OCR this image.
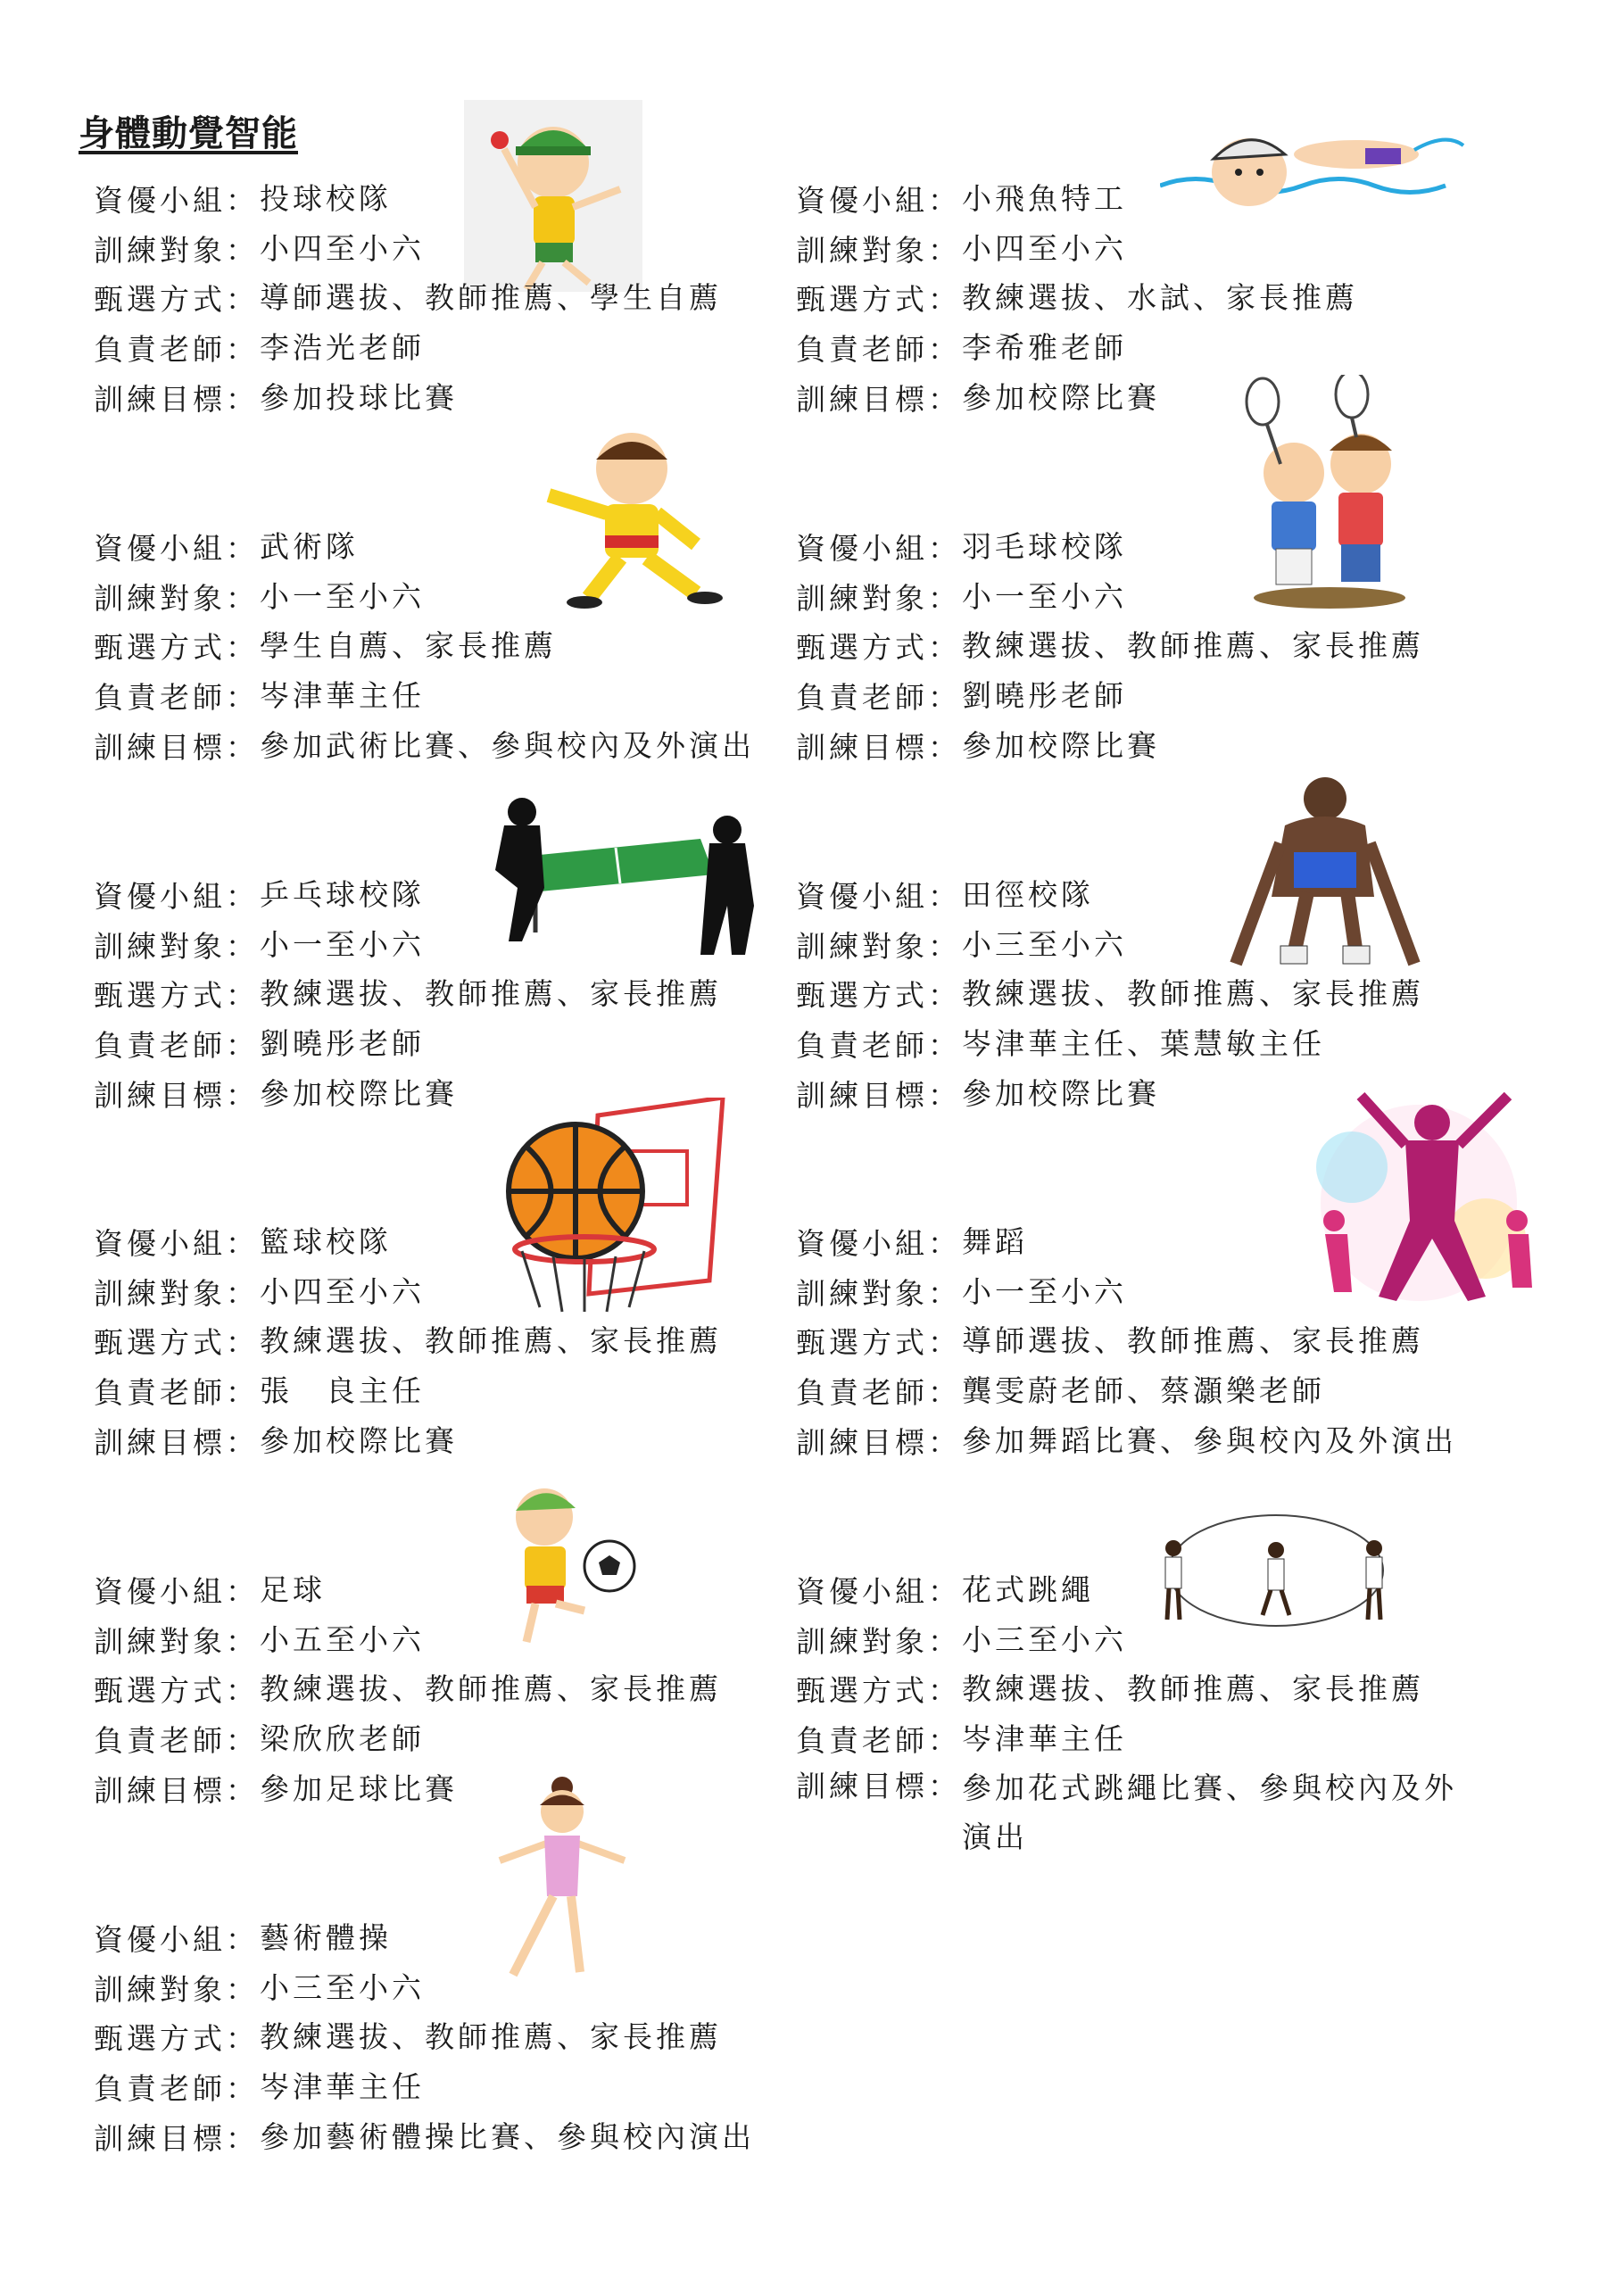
身體動覺智能
資優小組： 投球校隊
訓練對象： 小四至小六
甄選方式： 導師選拔、教師推薦、學生自薦
負責老師： 李浩光老師
訓練目標： 參加投球比賽
資優小組： 小飛魚特工
訓練對象： 小四至小六
甄選方式： 教練選拔、水試、家長推薦
負責老師： 李希雅老師
訓練目標： 參加校際比賽
資優小組： 武術隊
訓練對象： 小一至小六
甄選方式： 學生自薦、家長推薦
負責老師： 岑津華主任
訓練目標： 參加武術比賽、參與校內及外演出
資優小組： 羽毛球校隊
訓練對象： 小一至小六
甄選方式： 教練選拔、教師推薦、家長推薦
負責老師： 劉曉彤老師
訓練目標： 參加校際比賽
資優小組： 乒乓球校隊
訓練對象： 小一至小六
甄選方式： 教練選拔、教師推薦、家長推薦
負責老師： 劉曉彤老師
訓練目標： 參加校際比賽
資優小組： 田徑校隊
訓練對象： 小三至小六
甄選方式： 教練選拔、教師推薦、家長推薦
負責老師： 岑津華主任、葉慧敏主任
訓練目標： 參加校際比賽
資優小組： 籃球校隊
訓練對象： 小四至小六
甄選方式： 教練選拔、教師推薦、家長推薦
負責老師： 張　良主任
訓練目標： 參加校際比賽
資優小組： 舞蹈
訓練對象： 小一至小六
甄選方式： 導師選拔、教師推薦、家長推薦
負責老師： 龔雯蔚老師、蔡灝樂老師
訓練目標： 參加舞蹈比賽、參與校內及外演出
資優小組： 足球
訓練對象： 小五至小六
甄選方式： 教練選拔、教師推薦、家長推薦
負責老師： 梁欣欣老師
訓練目標： 參加足球比賽
資優小組： 花式跳繩
訓練對象： 小三至小六
甄選方式： 教練選拔、教師推薦、家長推薦
負責老師： 岑津華主任
訓練目標： 參加花式跳繩比賽、參與校內及外演出
資優小組： 藝術體操
訓練對象： 小三至小六
甄選方式： 教練選拔、教師推薦、家長推薦
負責老師： 岑津華主任
訓練目標： 參加藝術體操比賽、參與校內演出
